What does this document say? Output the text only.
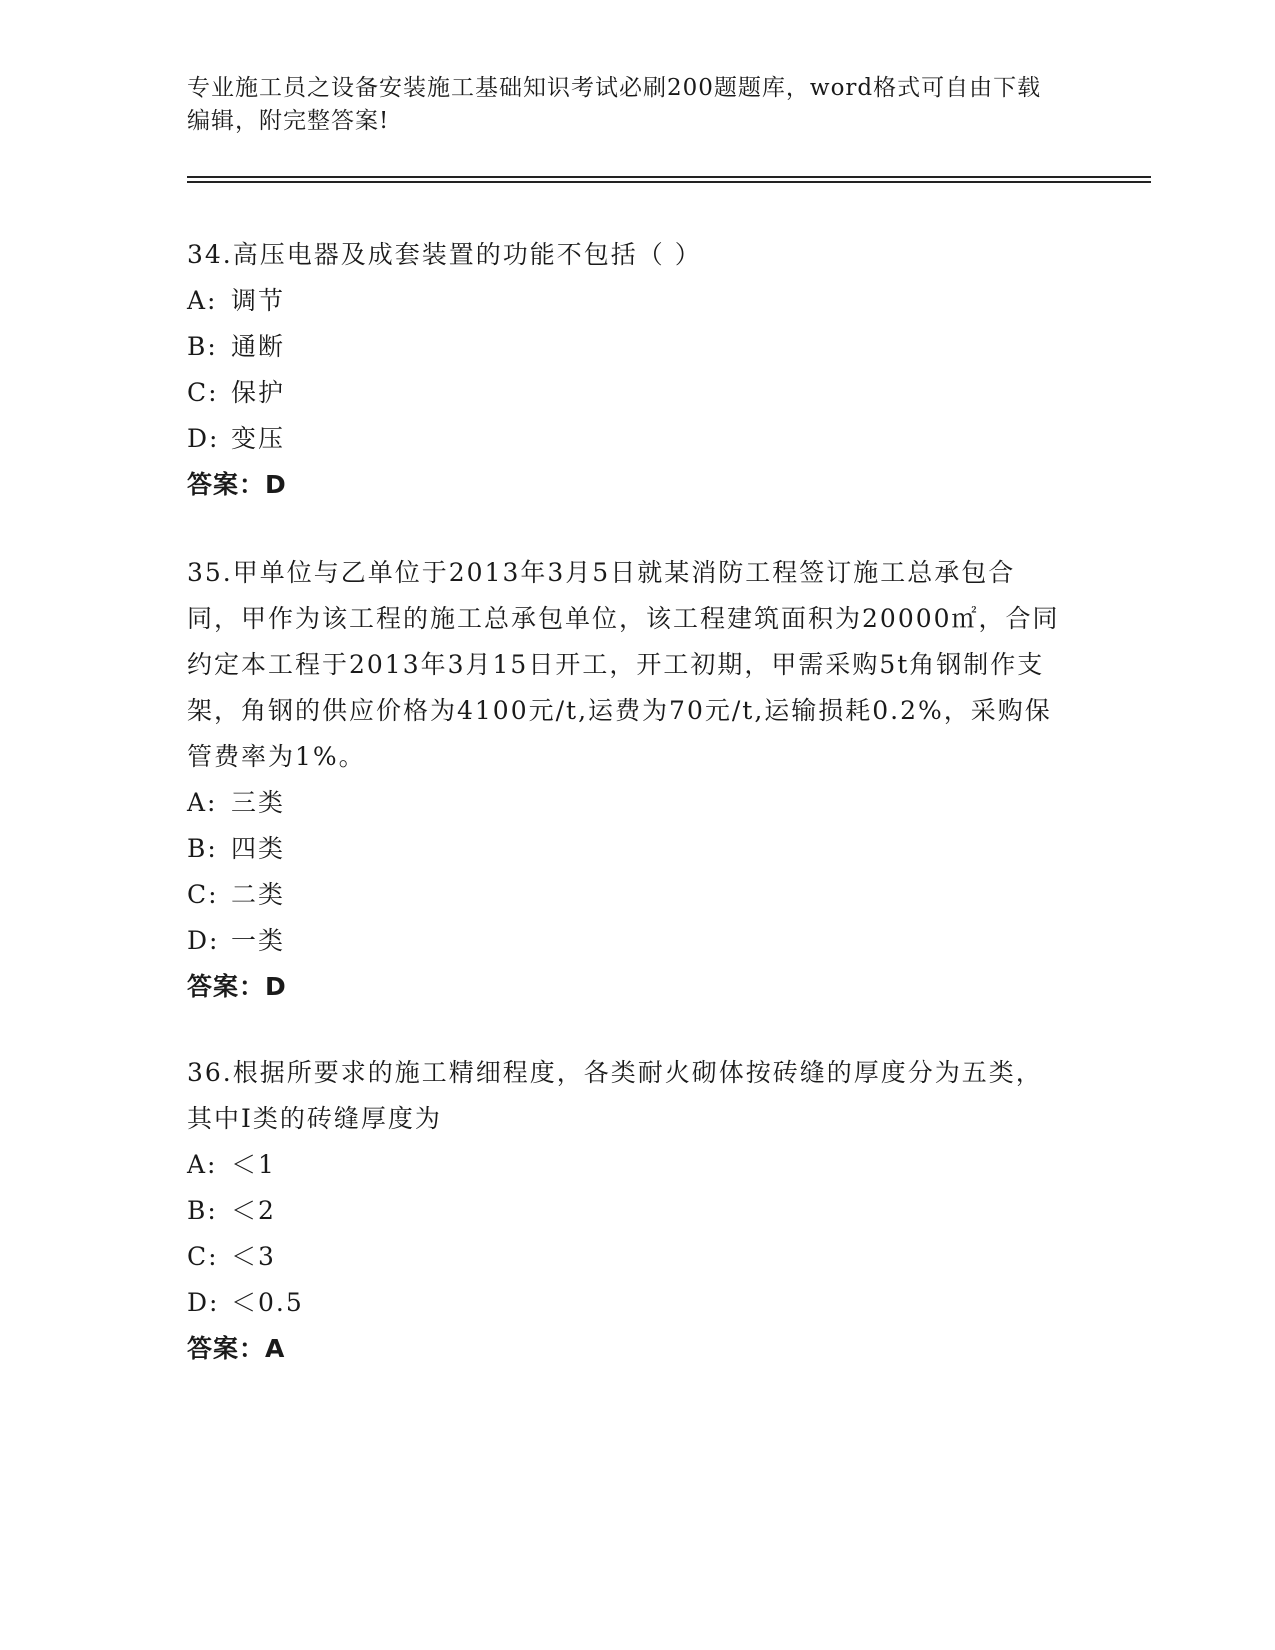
专业施工员之设备安装施工基础知识考试必刷200题题库，word格式可自由下载
编辑，附完整答案!

34.高压电器及成套装置的功能不包括（ ）

A: 调节
B: 通断
C: 保护
D: 变压
答案：D

35.甲单位与乙单位于2013年3月5日就某消防工程签订施工总承包合同，甲作为该工程的施工总承包单位，该工程建筑面积为20000㎡，合同约定本工程于2013年3月15日开工，开工初期，甲需采购5t角钢制作支架，角钢的供应价格为4100元/t,运费为70元/t,运输损耗0.2%，采购保管费率为1%。

A: 三类
B: 四类
C: 二类
D: 一类
答案：D

36.根据所要求的施工精细程度，各类耐火砌体按砖缝的厚度分为五类，其中I类的砖缝厚度为

A: ＜1
B: ＜2
C: ＜3
D: ＜0.5
答案：A
